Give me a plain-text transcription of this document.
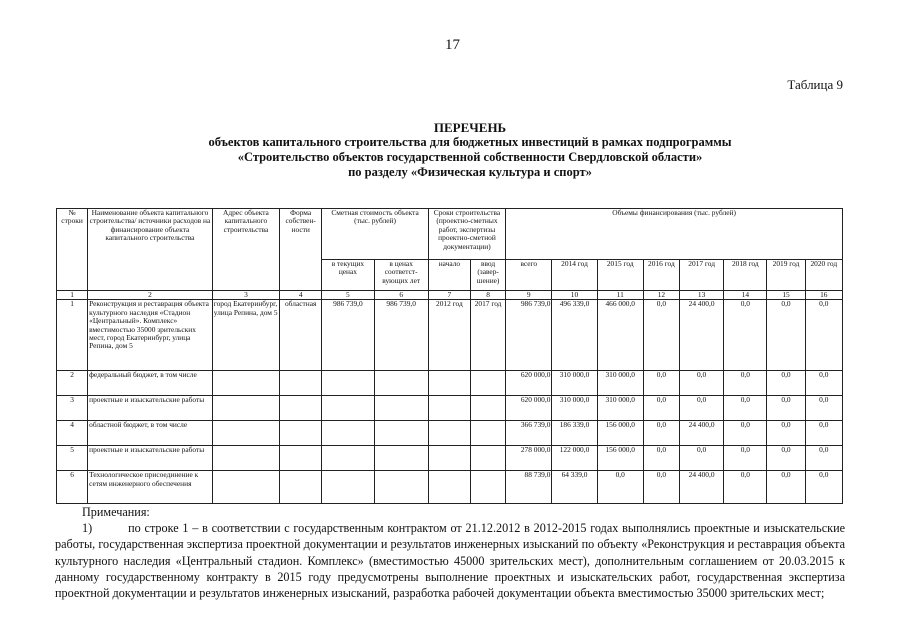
17
Таблица 9
ПЕРЕЧЕНЬ
объектов капитального строительства для бюджетных инвестиций в рамках подпрограммы
«Строительство объектов государственной собственности Свердловской области»
по разделу «Физическая культура и спорт»
№ строки	Наименование объекта капитального строительства/ источники расходов на финансирование объекта капитального строительства	Адрес объекта капитального строительства	Форма собствен-ности	Сметная стоимость объекта (тыс. рублей)		Сроки строительства (проектно-сметных работ, экспертизы проектно-сметной документации)		Объемы финансирования (тыс. рублей)							
				в текущих ценах	в ценах соответст-вующих лет	начало	ввод (завер-шение)	всего	2014 год	2015 год	2016 год	2017 год	2018 год	2019 год	2020 год
1	2	3	4	5	6	7	8	9	10	11	12	13	14	15	16
1	Реконструкция и реставрация объекта культурного наследия «Стадион «Центральный». Комплекс» вместимостью 35000 зрительских мест, город Екатеринбург, улица Репина, дом 5	город Екатеринбург, улица Репина, дом 5	областная	986 739,0	986 739,0	2012 год	2017 год	986 739,0	496 339,0	466 000,0	0,0	24 400,0	0,0	0,0	0,0
2	федеральный бюджет, в том числе							620 000,0	310 000,0	310 000,0	0,0	0,0	0,0	0,0	0,0
3	проектные и изыскательские работы							620 000,0	310 000,0	310 000,0	0,0	0,0	0,0	0,0	0,0
4	областной бюджет, в том числе							366 739,0	186 339,0	156 000,0	0,0	24 400,0	0,0	0,0	0,0
5	проектные и изыскательские работы							278 000,0	122 000,0	156 000,0	0,0	0,0	0,0	0,0	0,0
6	Технологическое присоединение к сетям инженерного обеспечения							88 739,0	64 339,0	0,0	0,0	24 400,0	0,0	0,0	0,0

Примечания:

1)	по строке 1 – в соответствии с государственным контрактом от 21.12.2012 в 2012-2015 годах выполнялись проектные и изыскательские работы, государственная экспертиза проектной документации и результатов инженерных изысканий по объекту «Реконструкция и реставрация объекта культурного наследия «Центральный стадион. Комплекс» (вместимостью 45000 зрительских мест), дополнительным соглашением от 20.03.2015 к данному государственному контракту в 2015 году предусмотрены выполнение проектных и изыскательских работ, государственная экспертиза проектной документации и результатов инженерных изысканий, разработка рабочей документации объекта вместимостью 35000 зрительских мест;
